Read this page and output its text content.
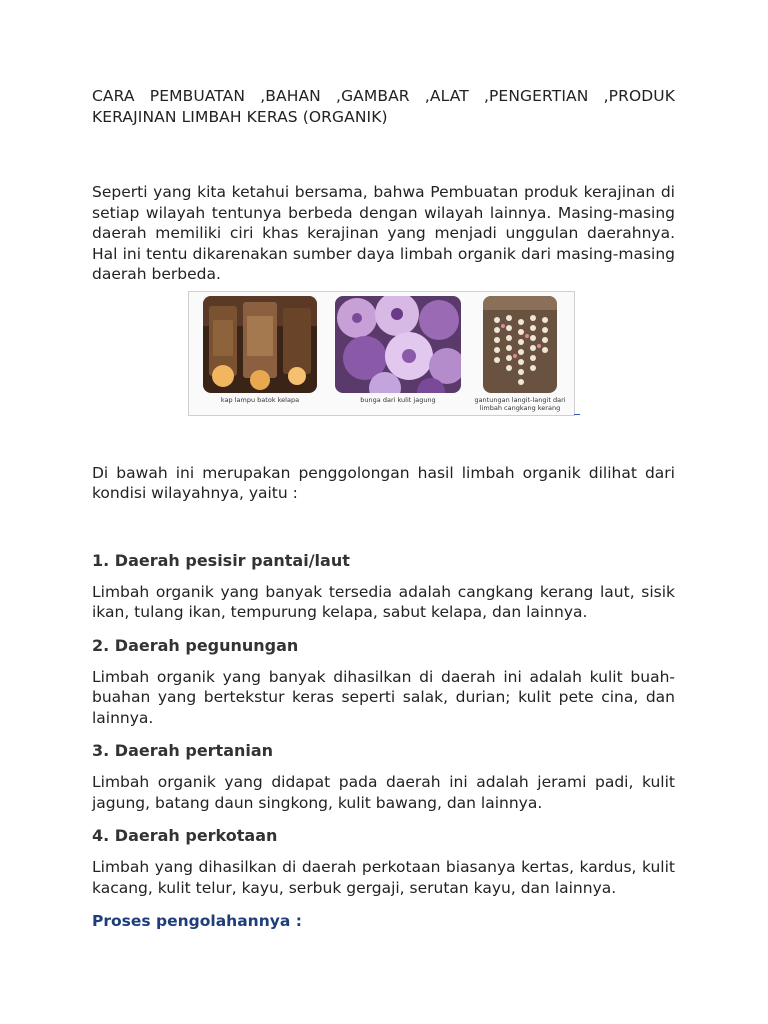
CARA PEMBUATAN ,BAHAN ,GAMBAR ,ALAT ,PENGERTIAN ,PRODUK KERAJINAN LIMBAH KERAS (ORGANIK)

Seperti yang kita ketahui bersama, bahwa Pembuatan produk kerajinan di setiap wilayah tentunya berbeda dengan wilayah lainnya. Masing-masing daerah memiliki ciri khas kerajinan yang menjadi unggulan daerahnya. Hal ini tentu dikarenakan sumber daya limbah organik dari masing-masing daerah berbeda.

kap lampu batok kelapa	bunga dari kulit jagung	gantungan langit-langit dari limbah cangkang kerang

Di bawah ini merupakan penggolongan hasil limbah organik dilihat dari kondisi wilayahnya, yaitu :

1. Daerah pesisir pantai/laut

Limbah organik yang banyak tersedia adalah cangkang kerang laut, sisik ikan, tulang ikan, tempurung kelapa, sabut kelapa, dan lainnya.

2. Daerah pegunungan

Limbah organik yang banyak dihasilkan di daerah ini adalah kulit buah-buahan yang bertekstur keras seperti salak, durian; kulit pete cina, dan lainnya.

3. Daerah pertanian

Limbah organik yang didapat pada daerah ini adalah jerami padi, kulit jagung, batang daun singkong, kulit bawang, dan lainnya.

4. Daerah perkotaan

Limbah yang dihasilkan di daerah perkotaan biasanya kertas, kardus, kulit kacang, kulit telur, kayu, serbuk gergaji, serutan kayu, dan lainnya.

Proses pengolahannya :
